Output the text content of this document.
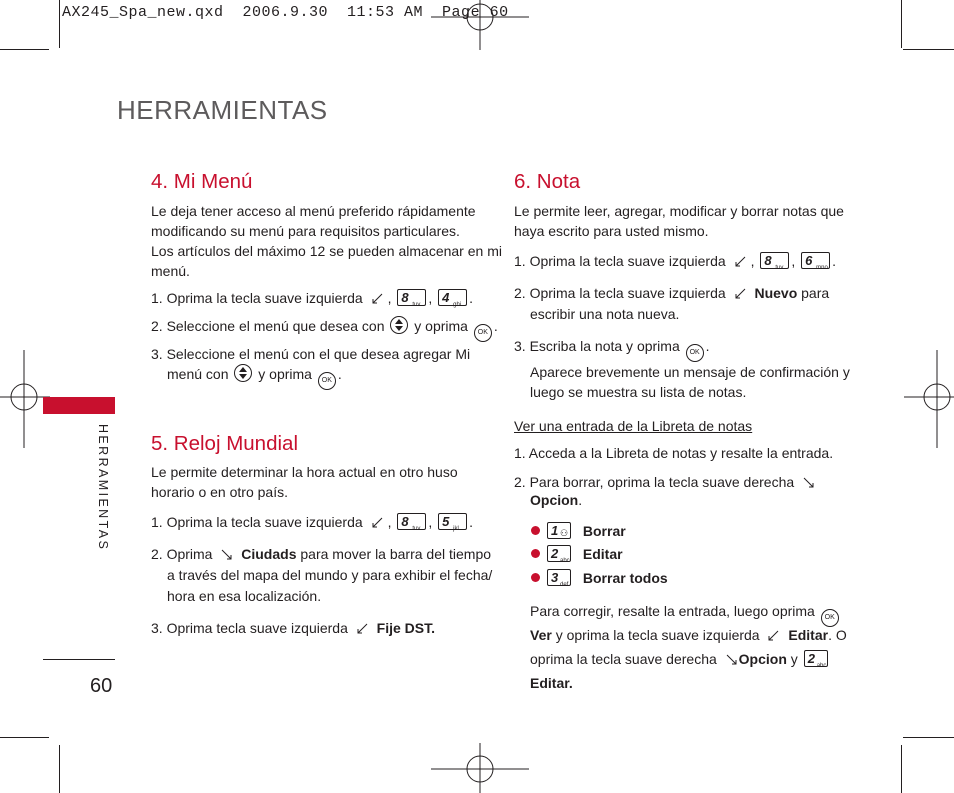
AX245_Spa_new.qxd  2006.9.30  11:53 AM  Page 60
HERRAMIENTAS
HERRAMIENTAS
60
4. Mi Menú
Le deja tener acceso al menú preferido rápidamente
modificando su menú para requisitos particulares.
Los artículos del máximo 12 se pueden almacenar en mi
menú.
1. Oprima la tecla suave izquierda , 8 tuv , 4 ghi .
2. Seleccione el menú que desea con y oprima OK .
3. Seleccione el menú con el que desea agregar Mi
menú con y oprima OK .
5. Reloj Mundial
Le permite determinar la hora actual en otro huso
horario o en otro país.
1. Oprima la tecla suave izquierda , 8 tuv , 5 jkl .
2. Oprima Ciudads para mover la barra del tiempo
a través del mapa del mundo y para exhibir el fecha/
hora en esa localización.
3. Oprima tecla suave izquierda Fije DST.
6. Nota
Le permite leer, agregar, modificar y borrar notas que
haya escrito para usted mismo.
1. Oprima la tecla suave izquierda , 8 tuv , 6 mno .
2. Oprima la tecla suave izquierda Nuevo para
escribir una nota nueva.
3. Escriba la nota y oprima OK .
Aparece brevemente un mensaje de confirmación y
luego se muestra su lista de notas.
Ver una entrada de la Libreta de notas
1. Acceda a la Libreta de notas y resalte la entrada.
2. Para borrar, oprima la tecla suave derecha
Opcion.
1 ⚇ Borrar
2 abc Editar
3 def Borrar todos
Para corregir, resalte la entrada, luego oprima OK
Ver y oprima la tecla suave izquierda Editar. O
oprima la tecla suave derecha Opcion y 2 abc
Editar.
